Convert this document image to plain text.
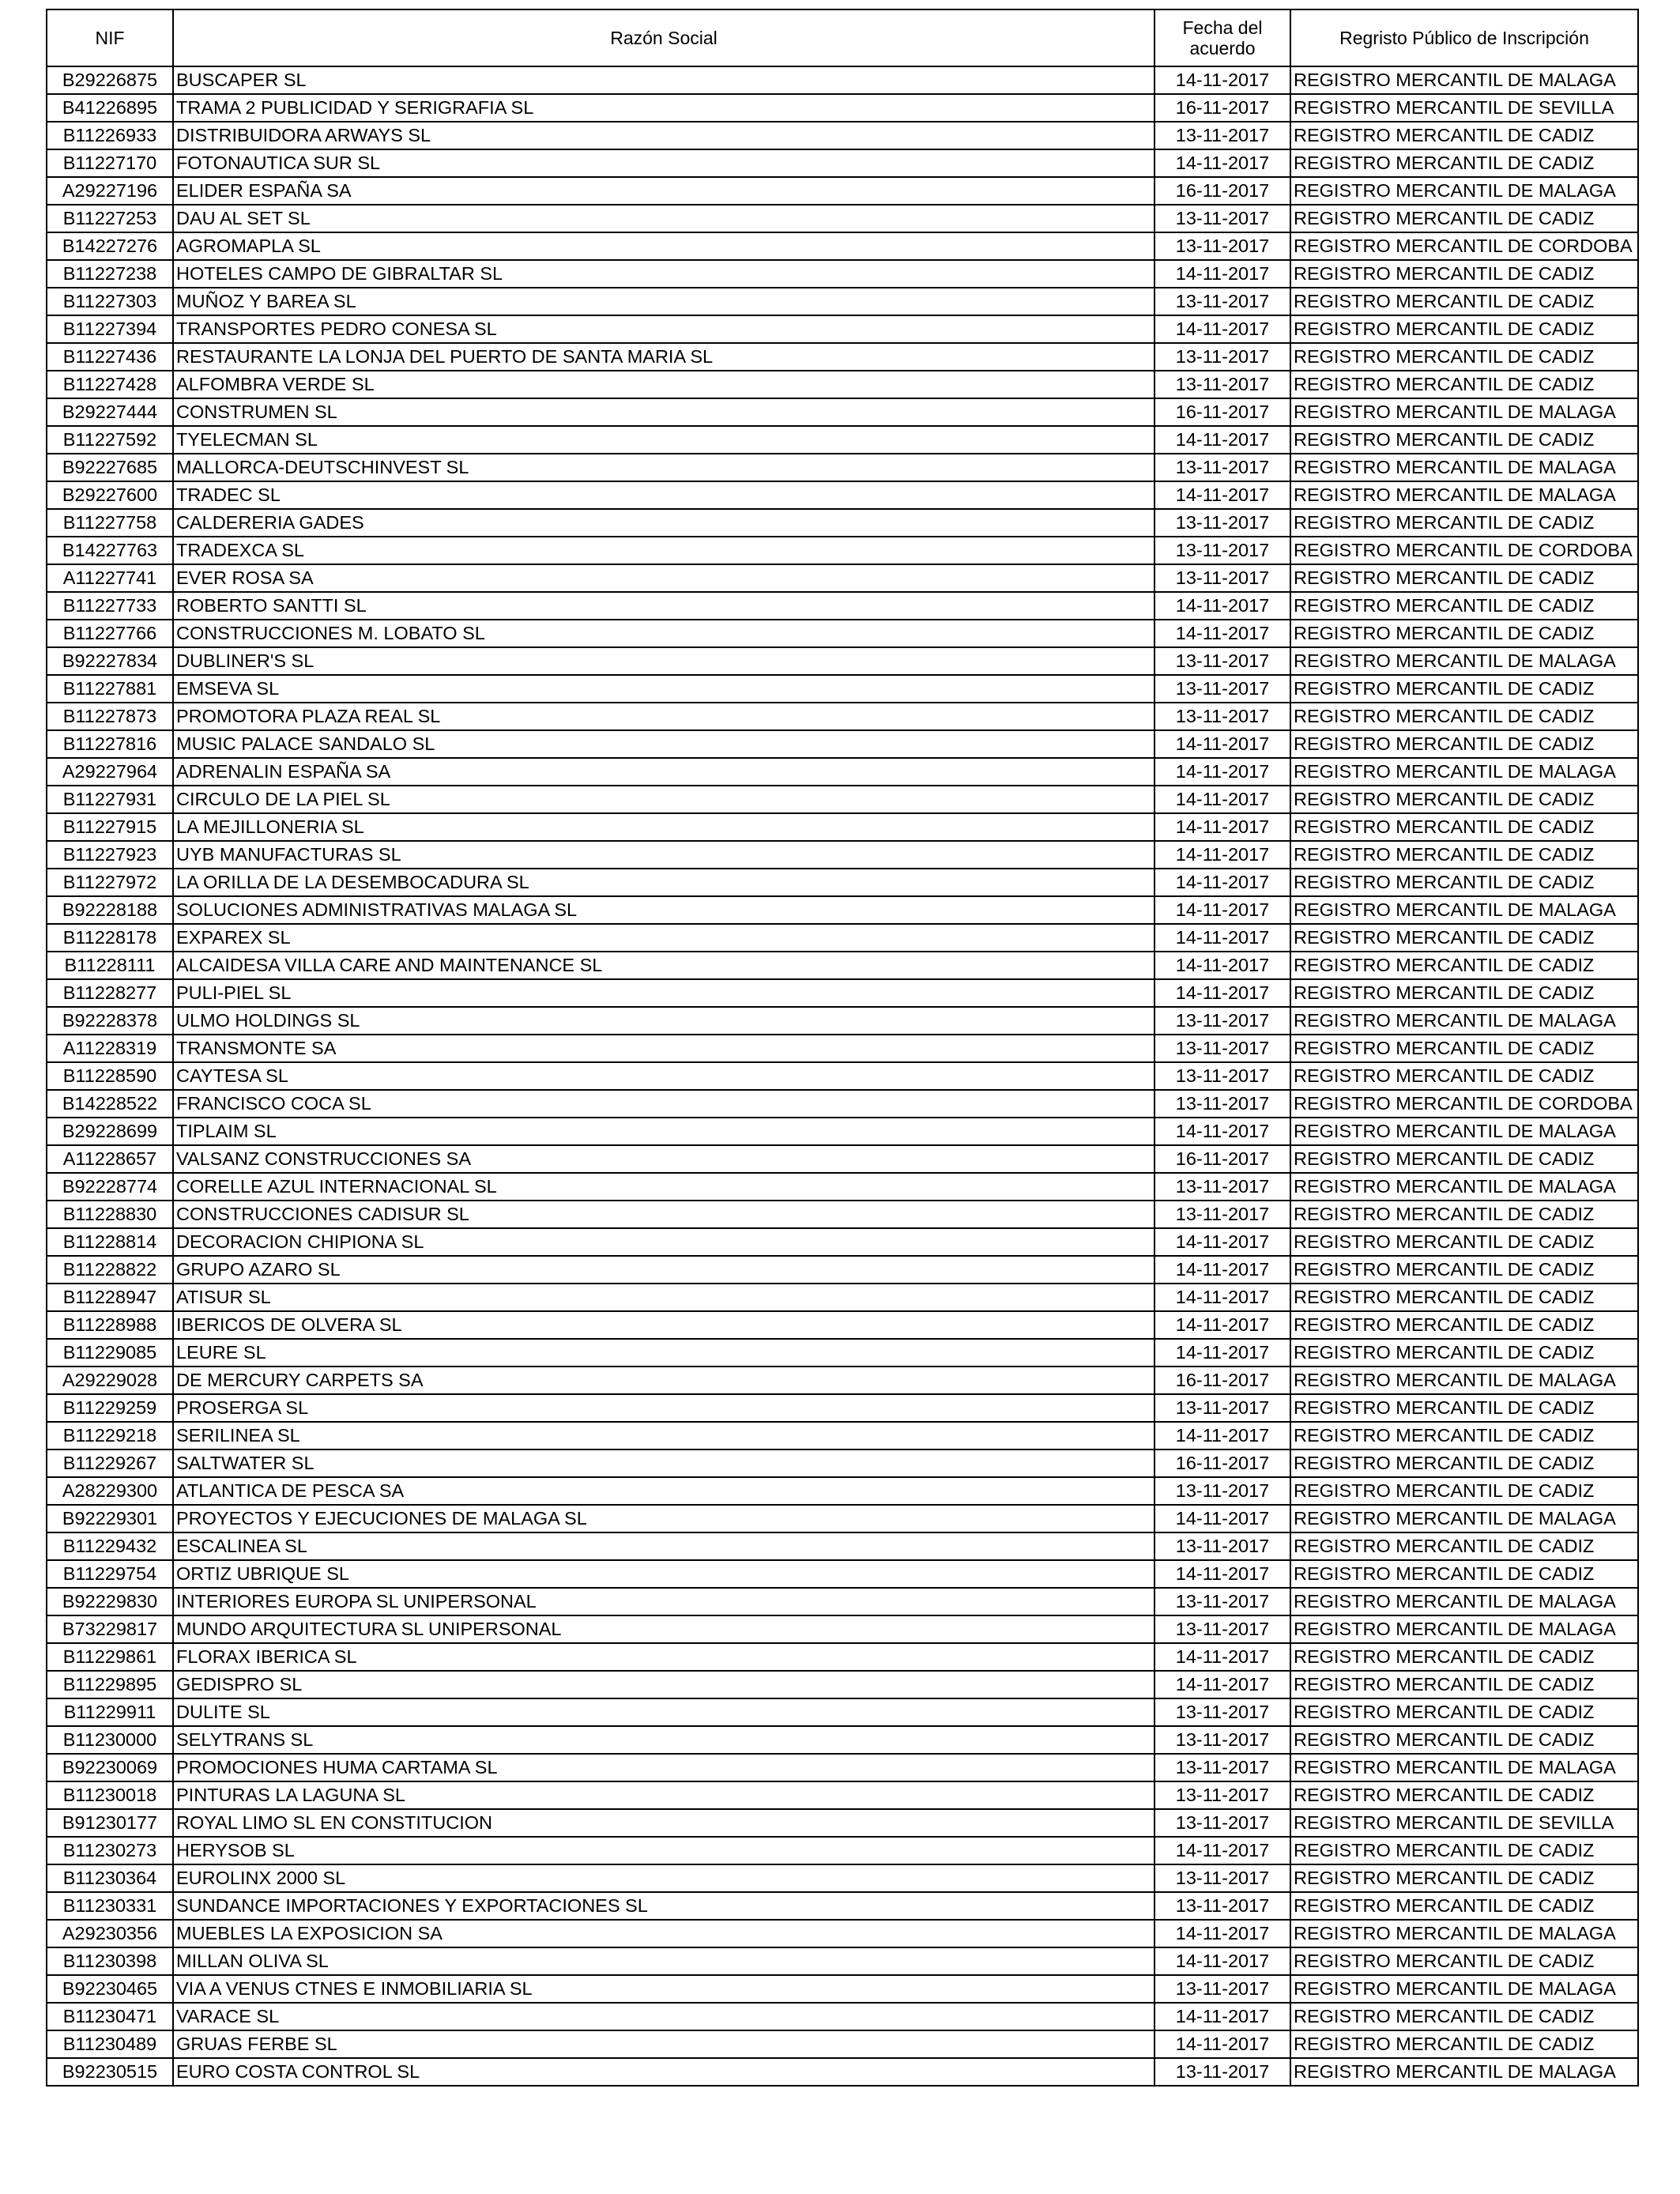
NIF	Razón Social	Fecha del acuerdo	Regristo Público de Inscripción
B29226875	BUSCAPER SL	14-11-2017	REGISTRO MERCANTIL DE MALAGA
B41226895	TRAMA 2 PUBLICIDAD Y SERIGRAFIA SL	16-11-2017	REGISTRO MERCANTIL DE SEVILLA
B11226933	DISTRIBUIDORA ARWAYS SL	13-11-2017	REGISTRO MERCANTIL DE CADIZ
B11227170	FOTONAUTICA SUR SL	14-11-2017	REGISTRO MERCANTIL DE CADIZ
A29227196	ELIDER ESPAÑA SA	16-11-2017	REGISTRO MERCANTIL DE MALAGA
B11227253	DAU AL SET SL	13-11-2017	REGISTRO MERCANTIL DE CADIZ
B14227276	AGROMAPLA SL	13-11-2017	REGISTRO MERCANTIL DE CORDOBA
B11227238	HOTELES CAMPO DE GIBRALTAR SL	14-11-2017	REGISTRO MERCANTIL DE CADIZ
B11227303	MUÑOZ Y BAREA SL	13-11-2017	REGISTRO MERCANTIL DE CADIZ
B11227394	TRANSPORTES PEDRO CONESA SL	14-11-2017	REGISTRO MERCANTIL DE CADIZ
B11227436	RESTAURANTE LA LONJA DEL PUERTO DE SANTA MARIA SL	13-11-2017	REGISTRO MERCANTIL DE CADIZ
B11227428	ALFOMBRA VERDE SL	13-11-2017	REGISTRO MERCANTIL DE CADIZ
B29227444	CONSTRUMEN SL	16-11-2017	REGISTRO MERCANTIL DE MALAGA
B11227592	TYELECMAN SL	14-11-2017	REGISTRO MERCANTIL DE CADIZ
B92227685	MALLORCA-DEUTSCHINVEST SL	13-11-2017	REGISTRO MERCANTIL DE MALAGA
B29227600	TRADEC SL	14-11-2017	REGISTRO MERCANTIL DE MALAGA
B11227758	CALDERERIA GADES	13-11-2017	REGISTRO MERCANTIL DE CADIZ
B14227763	TRADEXCA SL	13-11-2017	REGISTRO MERCANTIL DE CORDOBA
A11227741	EVER ROSA SA	13-11-2017	REGISTRO MERCANTIL DE CADIZ
B11227733	ROBERTO SANTTI SL	14-11-2017	REGISTRO MERCANTIL DE CADIZ
B11227766	CONSTRUCCIONES M. LOBATO SL	14-11-2017	REGISTRO MERCANTIL DE CADIZ
B92227834	DUBLINER'S SL	13-11-2017	REGISTRO MERCANTIL DE MALAGA
B11227881	EMSEVA SL	13-11-2017	REGISTRO MERCANTIL DE CADIZ
B11227873	PROMOTORA PLAZA REAL SL	13-11-2017	REGISTRO MERCANTIL DE CADIZ
B11227816	MUSIC PALACE SANDALO SL	14-11-2017	REGISTRO MERCANTIL DE CADIZ
A29227964	ADRENALIN ESPAÑA SA	14-11-2017	REGISTRO MERCANTIL DE MALAGA
B11227931	CIRCULO DE LA PIEL SL	14-11-2017	REGISTRO MERCANTIL DE CADIZ
B11227915	LA MEJILLONERIA SL	14-11-2017	REGISTRO MERCANTIL DE CADIZ
B11227923	UYB MANUFACTURAS SL	14-11-2017	REGISTRO MERCANTIL DE CADIZ
B11227972	LA ORILLA DE LA DESEMBOCADURA SL	14-11-2017	REGISTRO MERCANTIL DE CADIZ
B92228188	SOLUCIONES ADMINISTRATIVAS MALAGA SL	14-11-2017	REGISTRO MERCANTIL DE MALAGA
B11228178	EXPAREX SL	14-11-2017	REGISTRO MERCANTIL DE CADIZ
B11228111	ALCAIDESA VILLA CARE AND MAINTENANCE SL	14-11-2017	REGISTRO MERCANTIL DE CADIZ
B11228277	PULI-PIEL SL	14-11-2017	REGISTRO MERCANTIL DE CADIZ
B92228378	ULMO HOLDINGS SL	13-11-2017	REGISTRO MERCANTIL DE MALAGA
A11228319	TRANSMONTE SA	13-11-2017	REGISTRO MERCANTIL DE CADIZ
B11228590	CAYTESA SL	13-11-2017	REGISTRO MERCANTIL DE CADIZ
B14228522	FRANCISCO COCA SL	13-11-2017	REGISTRO MERCANTIL DE CORDOBA
B29228699	TIPLAIM SL	14-11-2017	REGISTRO MERCANTIL DE MALAGA
A11228657	VALSANZ CONSTRUCCIONES SA	16-11-2017	REGISTRO MERCANTIL DE CADIZ
B92228774	CORELLE AZUL INTERNACIONAL SL	13-11-2017	REGISTRO MERCANTIL DE MALAGA
B11228830	CONSTRUCCIONES CADISUR SL	13-11-2017	REGISTRO MERCANTIL DE CADIZ
B11228814	DECORACION CHIPIONA SL	14-11-2017	REGISTRO MERCANTIL DE CADIZ
B11228822	GRUPO AZARO SL	14-11-2017	REGISTRO MERCANTIL DE CADIZ
B11228947	ATISUR SL	14-11-2017	REGISTRO MERCANTIL DE CADIZ
B11228988	IBERICOS DE OLVERA SL	14-11-2017	REGISTRO MERCANTIL DE CADIZ
B11229085	LEURE SL	14-11-2017	REGISTRO MERCANTIL DE CADIZ
A29229028	DE MERCURY CARPETS SA	16-11-2017	REGISTRO MERCANTIL DE MALAGA
B11229259	PROSERGA SL	13-11-2017	REGISTRO MERCANTIL DE CADIZ
B11229218	SERILINEA SL	14-11-2017	REGISTRO MERCANTIL DE CADIZ
B11229267	SALTWATER SL	16-11-2017	REGISTRO MERCANTIL DE CADIZ
A28229300	ATLANTICA DE PESCA SA	13-11-2017	REGISTRO MERCANTIL DE CADIZ
B92229301	PROYECTOS Y EJECUCIONES DE MALAGA SL	14-11-2017	REGISTRO MERCANTIL DE MALAGA
B11229432	ESCALINEA SL	13-11-2017	REGISTRO MERCANTIL DE CADIZ
B11229754	ORTIZ UBRIQUE SL	14-11-2017	REGISTRO MERCANTIL DE CADIZ
B92229830	INTERIORES EUROPA SL UNIPERSONAL	13-11-2017	REGISTRO MERCANTIL DE MALAGA
B73229817	MUNDO ARQUITECTURA SL UNIPERSONAL	13-11-2017	REGISTRO MERCANTIL DE MALAGA
B11229861	FLORAX IBERICA SL	14-11-2017	REGISTRO MERCANTIL DE CADIZ
B11229895	GEDISPRO SL	14-11-2017	REGISTRO MERCANTIL DE CADIZ
B11229911	DULITE SL	13-11-2017	REGISTRO MERCANTIL DE CADIZ
B11230000	SELYTRANS SL	13-11-2017	REGISTRO MERCANTIL DE CADIZ
B92230069	PROMOCIONES HUMA CARTAMA SL	13-11-2017	REGISTRO MERCANTIL DE MALAGA
B11230018	PINTURAS LA LAGUNA SL	13-11-2017	REGISTRO MERCANTIL DE CADIZ
B91230177	ROYAL LIMO SL EN CONSTITUCION	13-11-2017	REGISTRO MERCANTIL DE SEVILLA
B11230273	HERYSOB SL	14-11-2017	REGISTRO MERCANTIL DE CADIZ
B11230364	EUROLINX 2000 SL	13-11-2017	REGISTRO MERCANTIL DE CADIZ
B11230331	SUNDANCE IMPORTACIONES Y EXPORTACIONES SL	13-11-2017	REGISTRO MERCANTIL DE CADIZ
A29230356	MUEBLES LA EXPOSICION SA	14-11-2017	REGISTRO MERCANTIL DE MALAGA
B11230398	MILLAN OLIVA SL	14-11-2017	REGISTRO MERCANTIL DE CADIZ
B92230465	VIA A VENUS CTNES E INMOBILIARIA SL	13-11-2017	REGISTRO MERCANTIL DE MALAGA
B11230471	VARACE SL	14-11-2017	REGISTRO MERCANTIL DE CADIZ
B11230489	GRUAS FERBE SL	14-11-2017	REGISTRO MERCANTIL DE CADIZ
B92230515	EURO COSTA CONTROL SL	13-11-2017	REGISTRO MERCANTIL DE MALAGA
